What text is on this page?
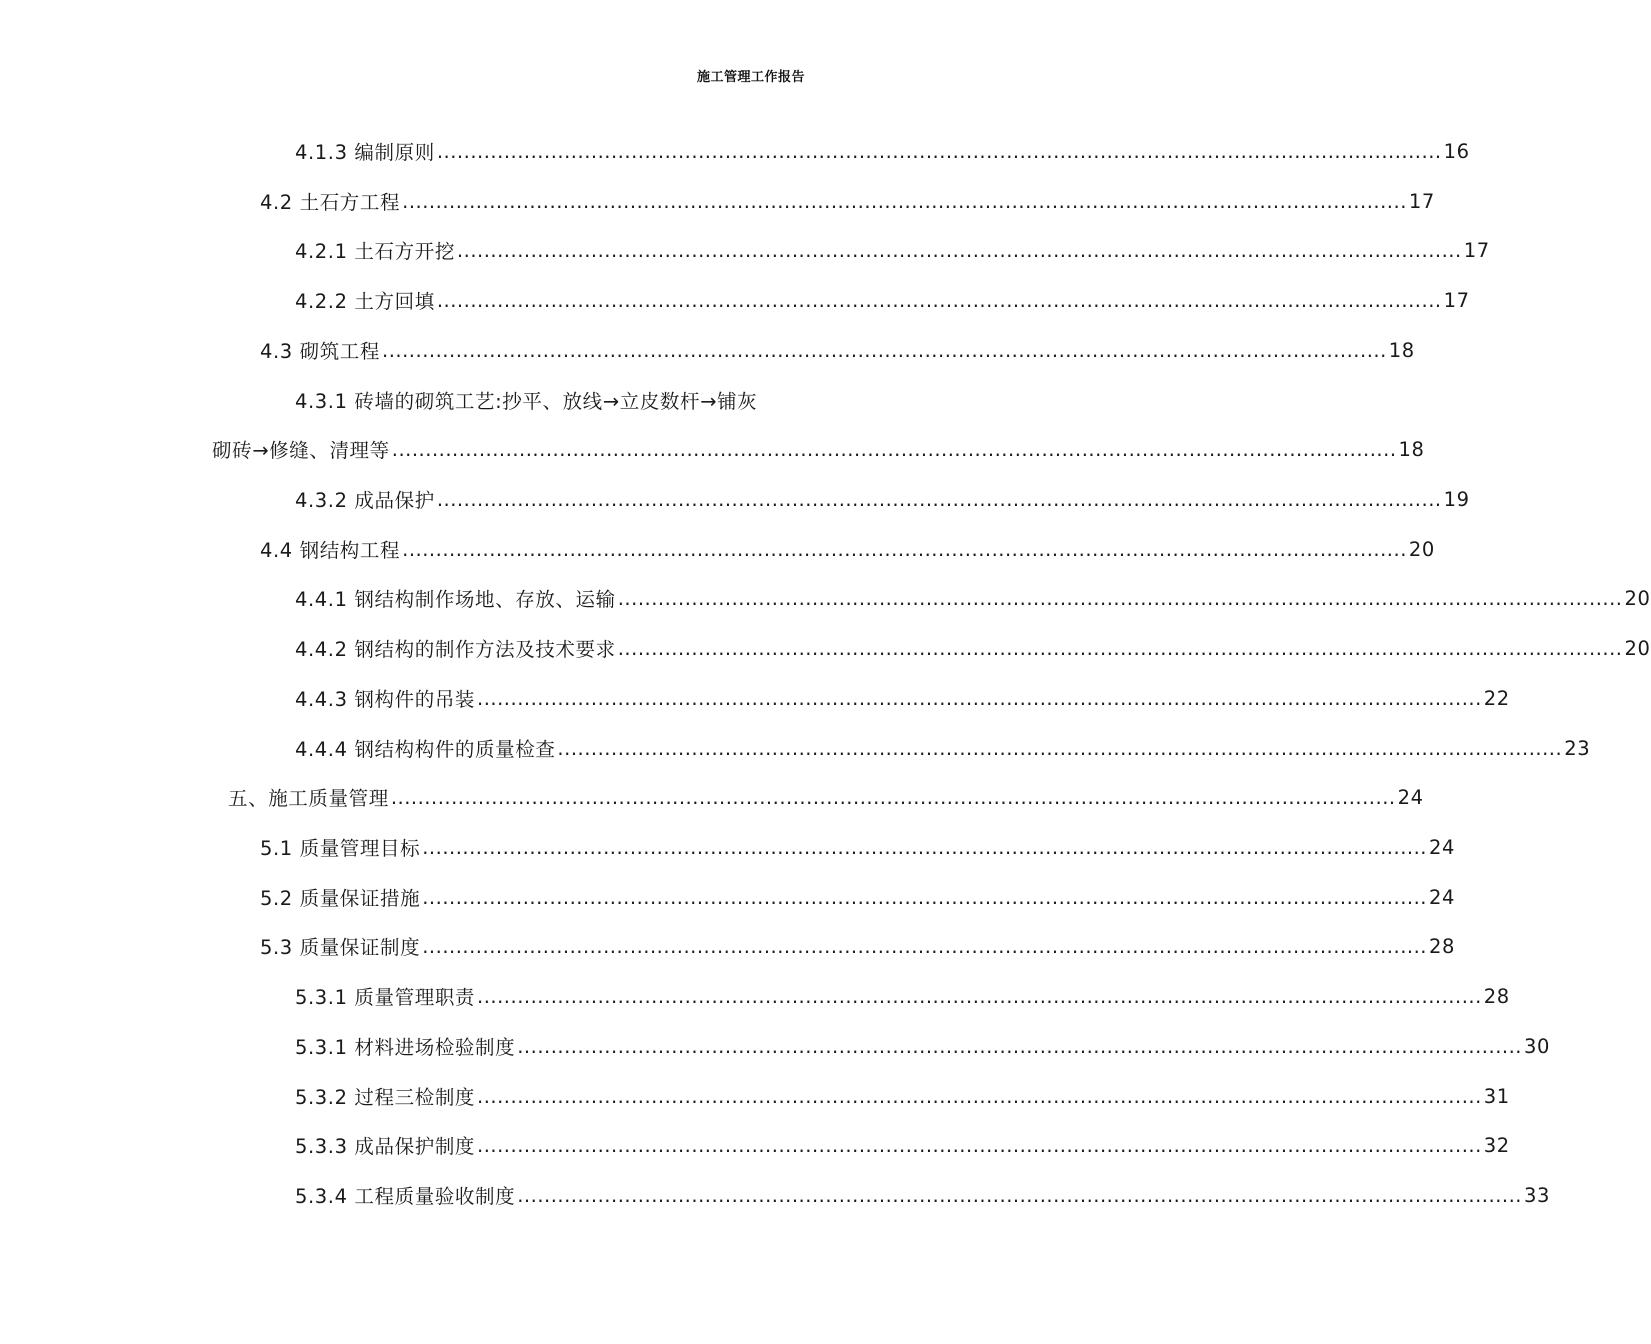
施工管理工作报告
4.1.3 编制原则 ...................................................................................................................................................... 16
4.2 土石方工程 ...................................................................................................................................................... 17
4.2.1 土石方开挖 ...................................................................................................................................................... 17
4.2.2 土方回填 ...................................................................................................................................................... 17
4.3 砌筑工程 ...................................................................................................................................................... 18
4.3.1 砖墙的砌筑工艺:抄平、放线→立皮数杆→铺灰
砌砖→修缝、清理等 ...................................................................................................................................................... 18
4.3.2 成品保护 ...................................................................................................................................................... 19
4.4 钢结构工程 ...................................................................................................................................................... 20
4.4.1 钢结构制作场地、存放、运输 ...................................................................................................................................................... 20
4.4.2 钢结构的制作方法及技术要求 ...................................................................................................................................................... 20
4.4.3 钢构件的吊装 ...................................................................................................................................................... 22
4.4.4 钢结构构件的质量检查 ...................................................................................................................................................... 23
五、施工质量管理 ...................................................................................................................................................... 24
5.1 质量管理目标 ...................................................................................................................................................... 24
5.2 质量保证措施 ...................................................................................................................................................... 24
5.3 质量保证制度 ...................................................................................................................................................... 28
5.3.1 质量管理职责 ...................................................................................................................................................... 28
5.3.1 材料进场检验制度 ...................................................................................................................................................... 30
5.3.2 过程三检制度 ...................................................................................................................................................... 31
5.3.3 成品保护制度 ...................................................................................................................................................... 32
5.3.4 工程质量验收制度 ...................................................................................................................................................... 33
